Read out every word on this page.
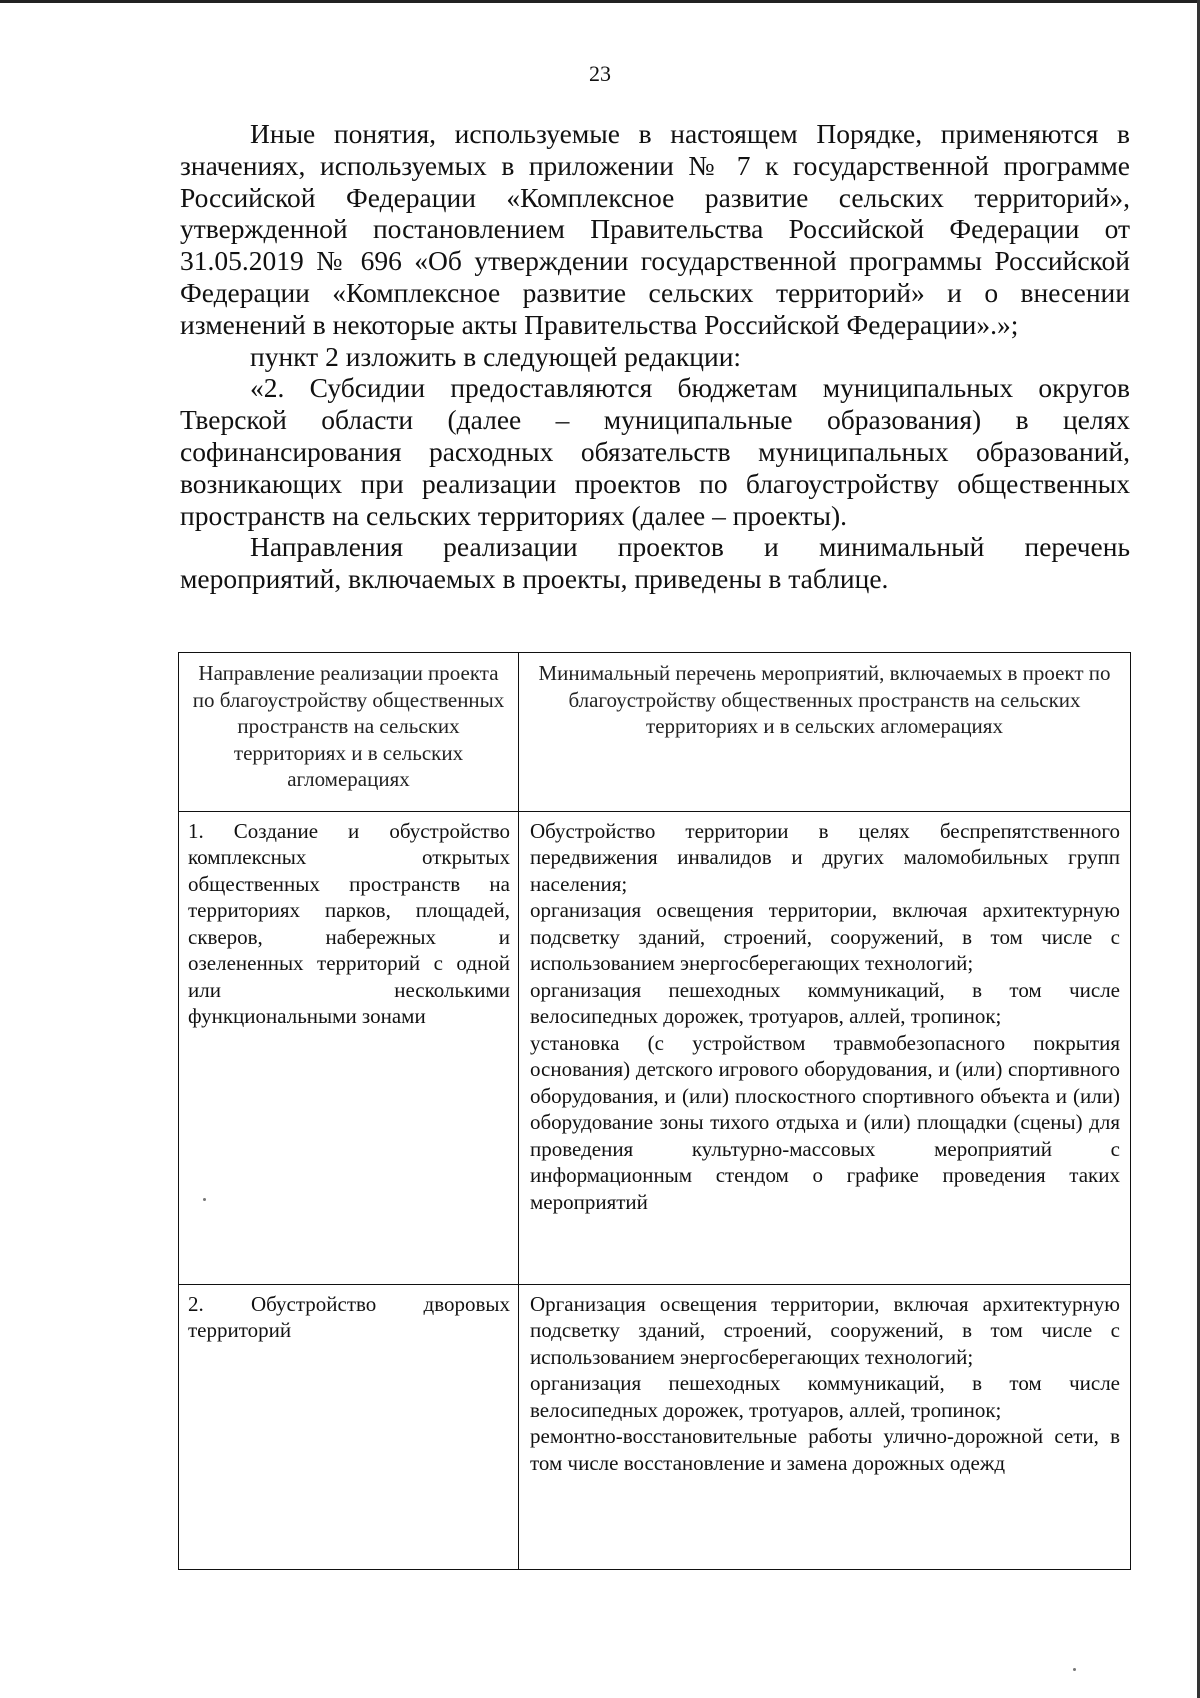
23

Иные понятия, используемые в настоящем Порядке, применяются в значениях, используемых в приложении № 7 к государственной программе Российской Федерации «Комплексное развитие сельских территорий», утвержденной постановлением Правительства Российской Федерации от 31.05.2019 № 696 «Об утверждении государственной программы Российской Федерации «Комплексное развитие сельских территорий» и о внесении изменений в некоторые акты Правительства Российской Федерации».»;

пункт 2 изложить в следующей редакции:

«2. Субсидии предоставляются бюджетам муниципальных округов Тверской области (далее – муниципальные образования) в целях софинансирования расходных обязательств муниципальных образований, возникающих при реализации проектов по благоустройству общественных пространств на сельских территориях (далее – проекты).

Направления реализации проектов и минимальный перечень мероприятий, включаемых в проекты, приведены в таблице.

Направление реализации проекта по благоустройству общественных пространств на сельских территориях и в сельских агломерациях	Минимальный перечень мероприятий, включаемых в проект по благоустройству общественных пространств на сельских территориях и в сельских агломерациях

1. Создание и обустройство комплексных открытых общественных пространств на территориях парков, площадей, скверов, набережных и озелененных территорий с одной или несколькими функциональными зонами	Обустройство территории в целях беспрепятственного передвижения инвалидов и других маломобильных групп населения;
организация освещения территории, включая архитектурную подсветку зданий, строений, сооружений, в том числе с использованием энергосберегающих технологий;
организация пешеходных коммуникаций, в том числе велосипедных дорожек, тротуаров, аллей, тропинок;
установка (с устройством травмобезопасного покрытия основания) детского игрового оборудования, и (или) спортивного оборудования, и (или) плоскостного спортивного объекта и (или) оборудование зоны тихого отдыха и (или) площадки (сцены) для проведения культурно-массовых мероприятий с информационным стендом о графике проведения таких мероприятий

2. Обустройство дворовых территорий	Организация освещения территории, включая архитектурную подсветку зданий, строений, сооружений, в том числе с использованием энергосберегающих технологий;
организация пешеходных коммуникаций, в том числе велосипедных дорожек, тротуаров, аллей, тропинок;
ремонтно-восстановительные работы улично-дорожной сети, в том числе восстановление и замена дорожных одежд
